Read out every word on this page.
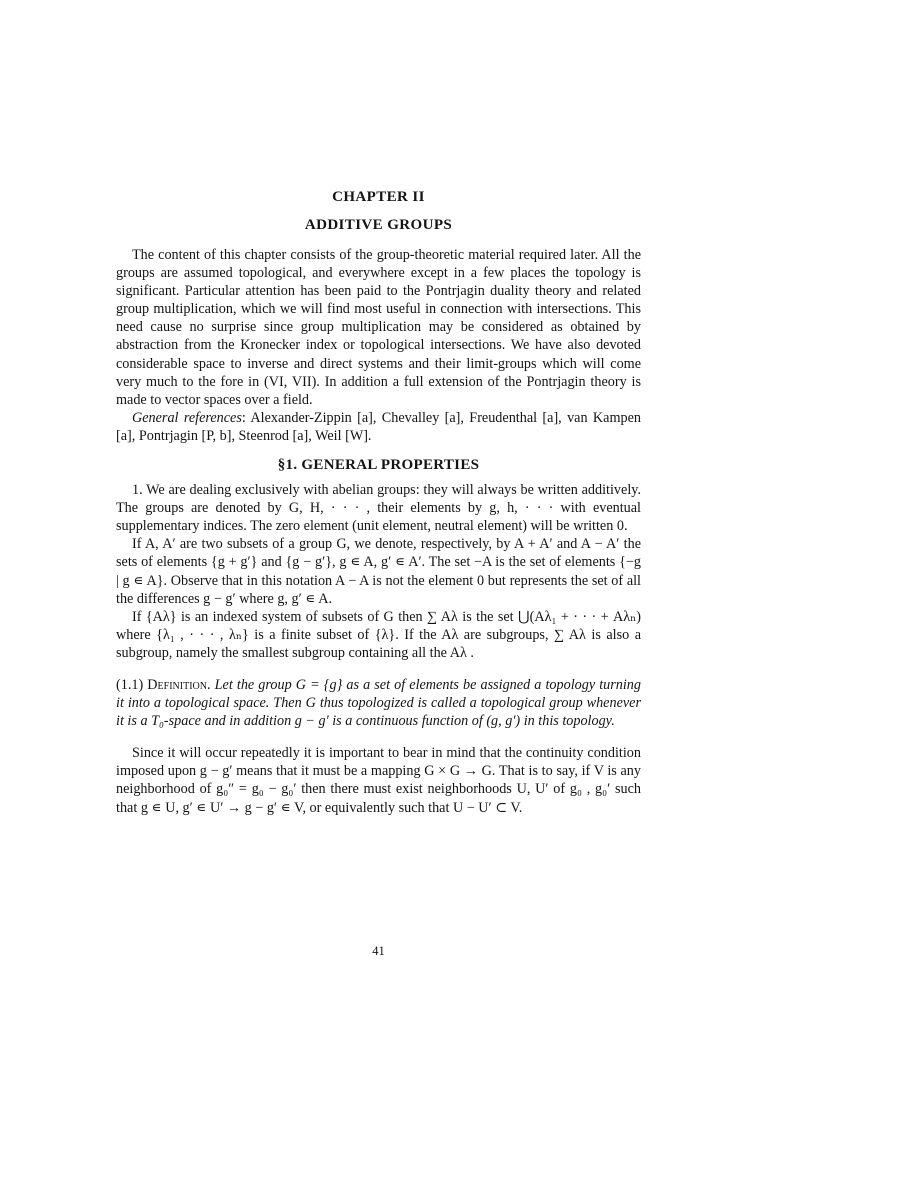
CHAPTER II
ADDITIVE GROUPS

The content of this chapter consists of the group-theoretic material required later. All the groups are assumed topological, and everywhere except in a few places the topology is significant. Particular attention has been paid to the Pontrjagin duality theory and related group multiplication, which we will find most useful in connection with intersections. This need cause no surprise since group multiplication may be considered as obtained by abstraction from the Kronecker index or topological intersections. We have also devoted considerable space to inverse and direct systems and their limit-groups which will come very much to the fore in (VI, VII). In addition a full extension of the Pontrjagin theory is made to vector spaces over a field.

General references: Alexander-Zippin [a], Chevalley [a], Freudenthal [a], van Kampen [a], Pontrjagin [P, b], Steenrod [a], Weil [W].

§1. GENERAL PROPERTIES

1. We are dealing exclusively with abelian groups: they will always be written additively. The groups are denoted by G, H, · · · , their elements by g, h, · · · with eventual supplementary indices. The zero element (unit element, neutral element) will be written 0.

If A, A′ are two subsets of a group G, we denote, respectively, by A + A′ and A − A′ the sets of elements {g + g′} and {g − g′}, g ∊ A, g′ ∊ A′. The set −A is the set of elements {−g | g ∊ A}. Observe that in this notation A − A is not the element 0 but represents the set of all the differences g − g′ where g, g′ ∊ A.

If {Aλ} is an indexed system of subsets of G then ∑ Aλ is the set ⋃(Aλ₁ + · · · + Aλₙ) where {λ₁ , · · · , λₙ} is a finite subset of {λ}. If the Aλ are subgroups, ∑ Aλ is also a subgroup, namely the smallest subgroup containing all the Aλ .

(1.1) Definition. Let the group G = {g} as a set of elements be assigned a topology turning it into a topological space. Then G thus topologized is called a topological group whenever it is a T₀-space and in addition g − g′ is a continuous function of (g, g′) in this topology.

Since it will occur repeatedly it is important to bear in mind that the continuity condition imposed upon g − g′ means that it must be a mapping G × G → G. That is to say, if V is any neighborhood of g₀″ = g₀ − g₀′ then there must exist neighborhoods U, U′ of g₀ , g₀′ such that g ∊ U, g′ ∊ U′ → g − g′ ∊ V, or equivalently such that U − U′ ⊂ V.

41
